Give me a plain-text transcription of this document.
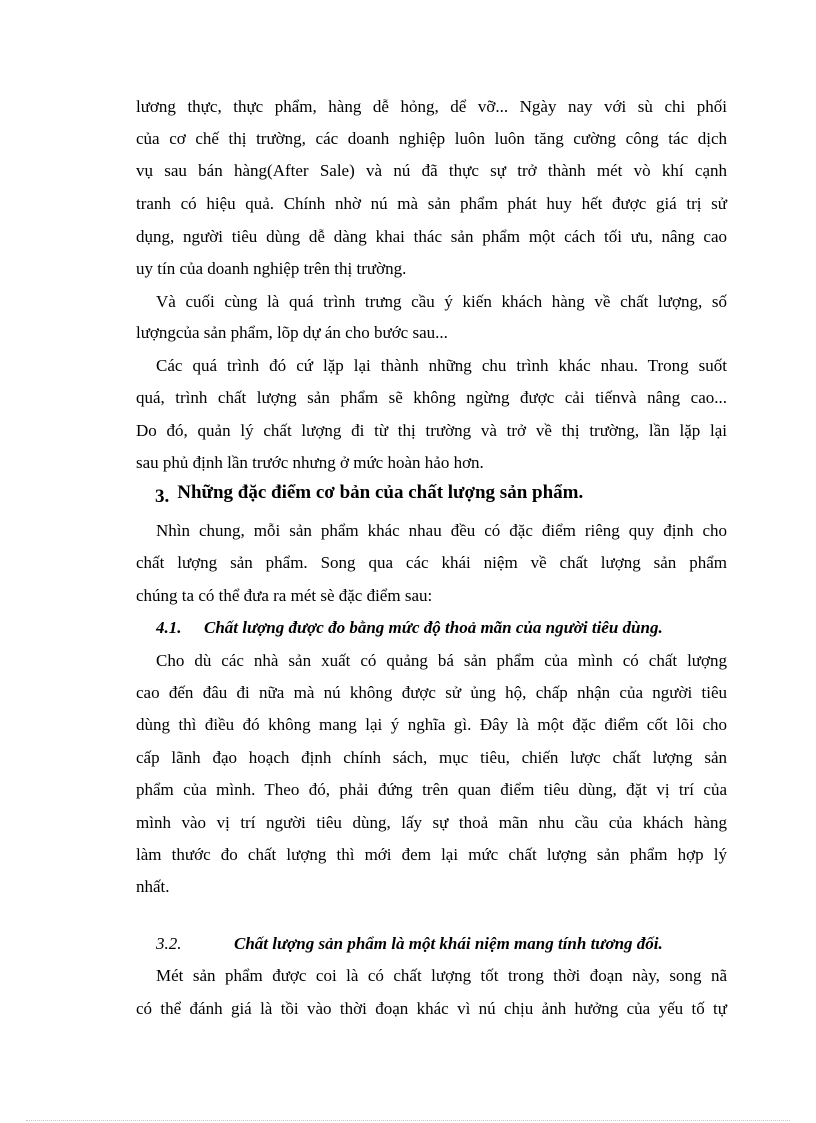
lương thực, thực phẩm, hàng dễ hỏng, dể vỡ... Ngày nay với sù chi phối
của cơ chế thị trường, các doanh nghiệp luôn luôn tăng cường công tác dịch
vụ sau bán hàng(After Sale) và nú đã thực sự trở thành mét vò khí cạnh
tranh có hiệu quả. Chính nhờ nú mà sản phẩm phát huy hết được giá trị sử
dụng, người tiêu dùng dễ dàng khai thác sản phẩm một cách tối ưu, nâng cao
uy tín của doanh nghiệp trên thị trường.
Và cuối cùng là quá trình trưng cầu ý kiến khách hàng về chất lượng, số
lượngcủa sản phẩm, lõp dự án cho bước sau...
Các quá trình đó cứ lặp lại thành những chu trình khác nhau. Trong suốt
quá, trình chất lượng sản phẩm sẽ không ngừng được cải tiếnvà nâng cao...
Do đó, quản lý chất lượng đi từ thị trường và trở về thị trường, lần lặp lại
sau phủ định lần trước nhưng ở mức hoàn hảo hơn.
3. Những đặc điểm cơ bản của chất lượng sản phẩm.
Nhìn chung, mỗi sản phẩm khác nhau đều có đặc điểm riêng quy định cho
chất lượng sản phẩm. Song qua các khái niệm về chất lượng sản phẩm
chúng ta có thể đưa ra mét sè đặc điểm sau:
4.1. Chất lượng được đo bằng mức độ thoả mãn của người tiêu dùng.
Cho dù các nhà sản xuất có quảng bá sản phẩm của mình có chất lượng
cao đến đâu đi nữa mà nú không được sử ủng hộ, chấp nhận của người tiêu
dùng thì điều đó không mang lại ý nghĩa gì. Đây là một đặc điểm cốt lõi cho
cấp lãnh đạo hoạch định chính sách, mục tiêu, chiến lược chất lượng sản
phẩm của mình. Theo đó, phải đứng trên quan điểm tiêu dùng, đặt vị trí của
mình vào vị trí người tiêu dùng, lấy sự thoả mãn nhu cầu của khách hàng
làm thước đo chất lượng thì mới đem lại mức chất lượng sản phẩm hợp lý
nhất.
3.2.	Chất lượng sản phẩm là một khái niệm mang tính tương đối.
Mét sản phẩm được coi là có chất lượng tốt trong thời đoạn này, song nã
có thể đánh giá là tồi vào thời đoạn khác vì nú chịu ảnh hưởng của yếu tố tự
